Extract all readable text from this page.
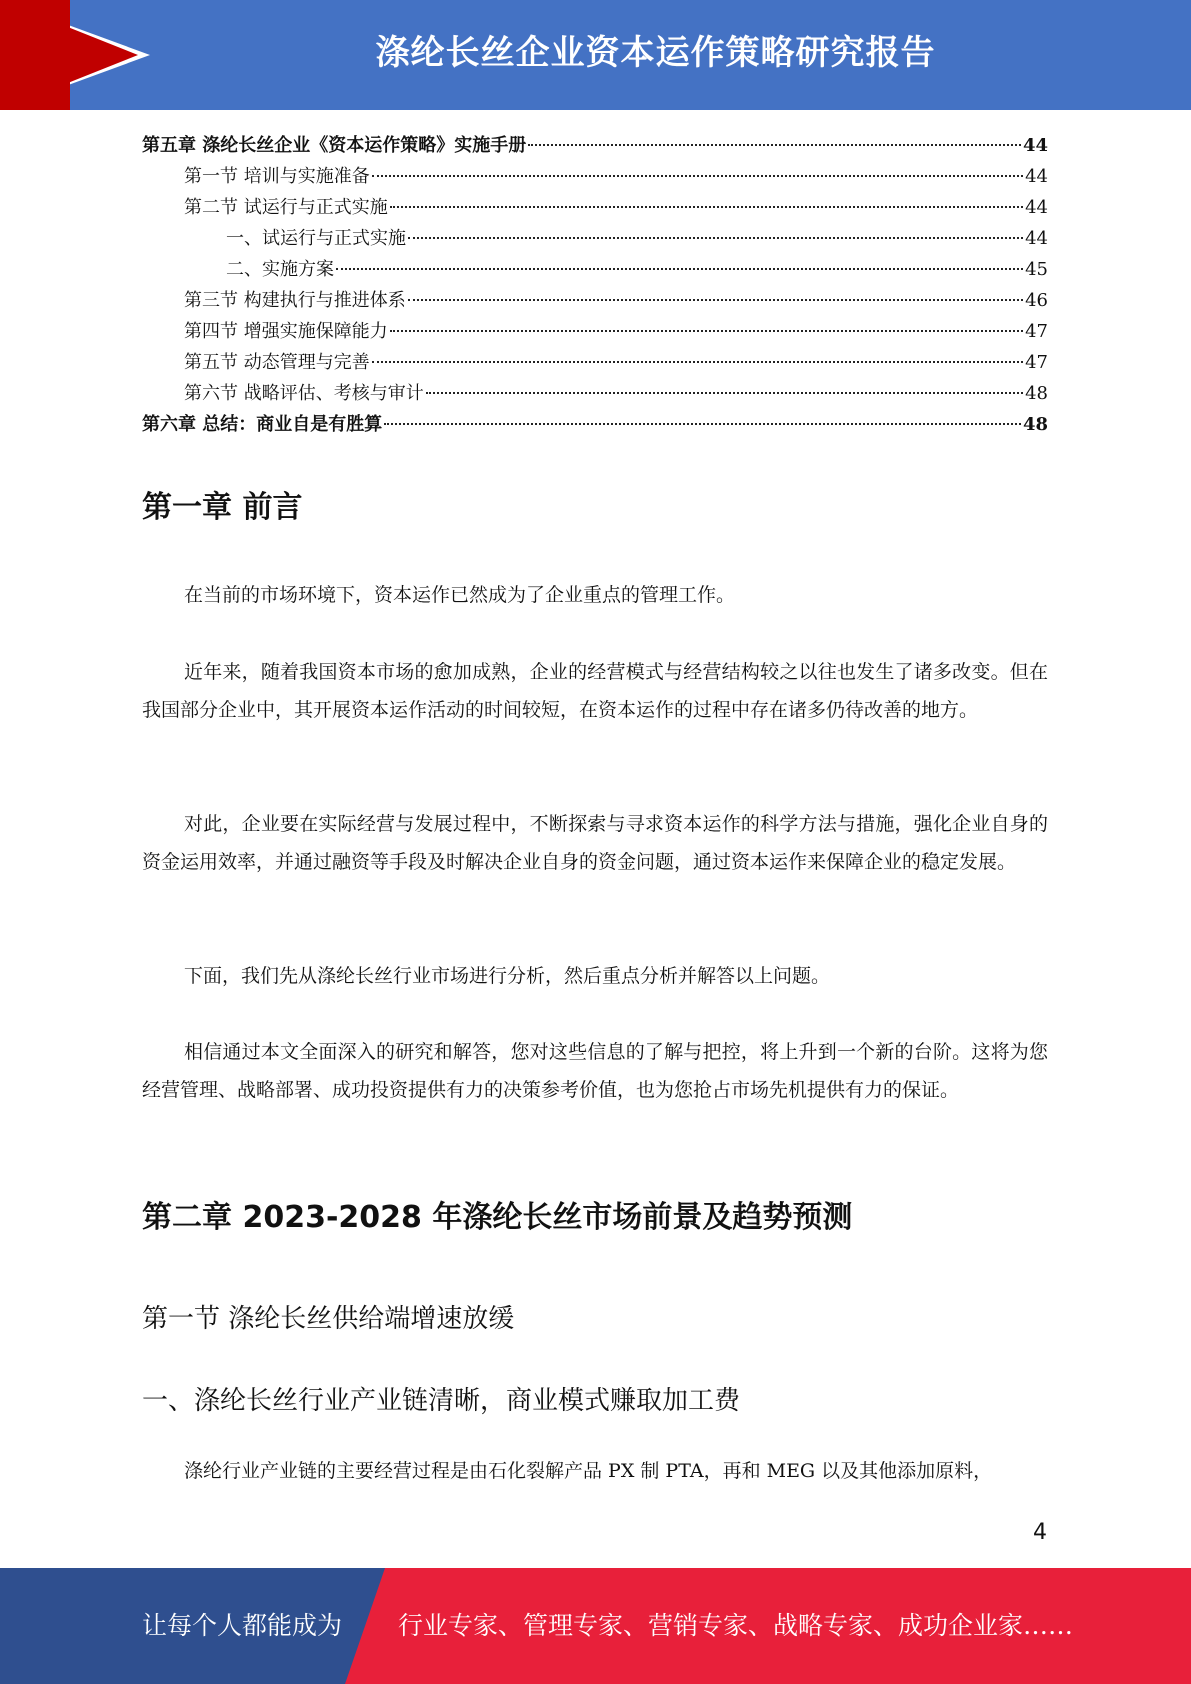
涤纶长丝企业资本运作策略研究报告
第五章 涤纶长丝企业《资本运作策略》实施手册	44
第一节 培训与实施准备	44
第二节 试运行与正式实施	44
一、试运行与正式实施	44
二、实施方案	45
第三节 构建执行与推进体系	46
第四节 增强实施保障能力	47
第五节 动态管理与完善	47
第六节 战略评估、考核与审计	48
第六章 总结：商业自是有胜算	48
第一章 前言

在当前的市场环境下，资本运作已然成为了企业重点的管理工作。

近年来，随着我国资本市场的愈加成熟，企业的经营模式与经营结构较之以往也发生了诸多改变。但在我国部分企业中，其开展资本运作活动的时间较短，在资本运作的过程中存在诸多仍待改善的地方。

对此，企业要在实际经营与发展过程中，不断探索与寻求资本运作的科学方法与措施，强化企业自身的资金运用效率，并通过融资等手段及时解决企业自身的资金问题，通过资本运作来保障企业的稳定发展。

下面，我们先从涤纶长丝行业市场进行分析，然后重点分析并解答以上问题。

相信通过本文全面深入的研究和解答，您对这些信息的了解与把控，将上升到一个新的台阶。这将为您经营管理、战略部署、成功投资提供有力的决策参考价值，也为您抢占市场先机提供有力的保证。

第二章 2023-2028 年涤纶长丝市场前景及趋势预测
第一节 涤纶长丝供给端增速放缓
一、涤纶长丝行业产业链清晰，商业模式赚取加工费

涤纶行业产业链的主要经营过程是由石化裂解产品 PX 制 PTA，再和 MEG 以及其他添加原料，

4
让每个人都能成为 行业专家、管理专家、营销专家、战略专家、成功企业家……
